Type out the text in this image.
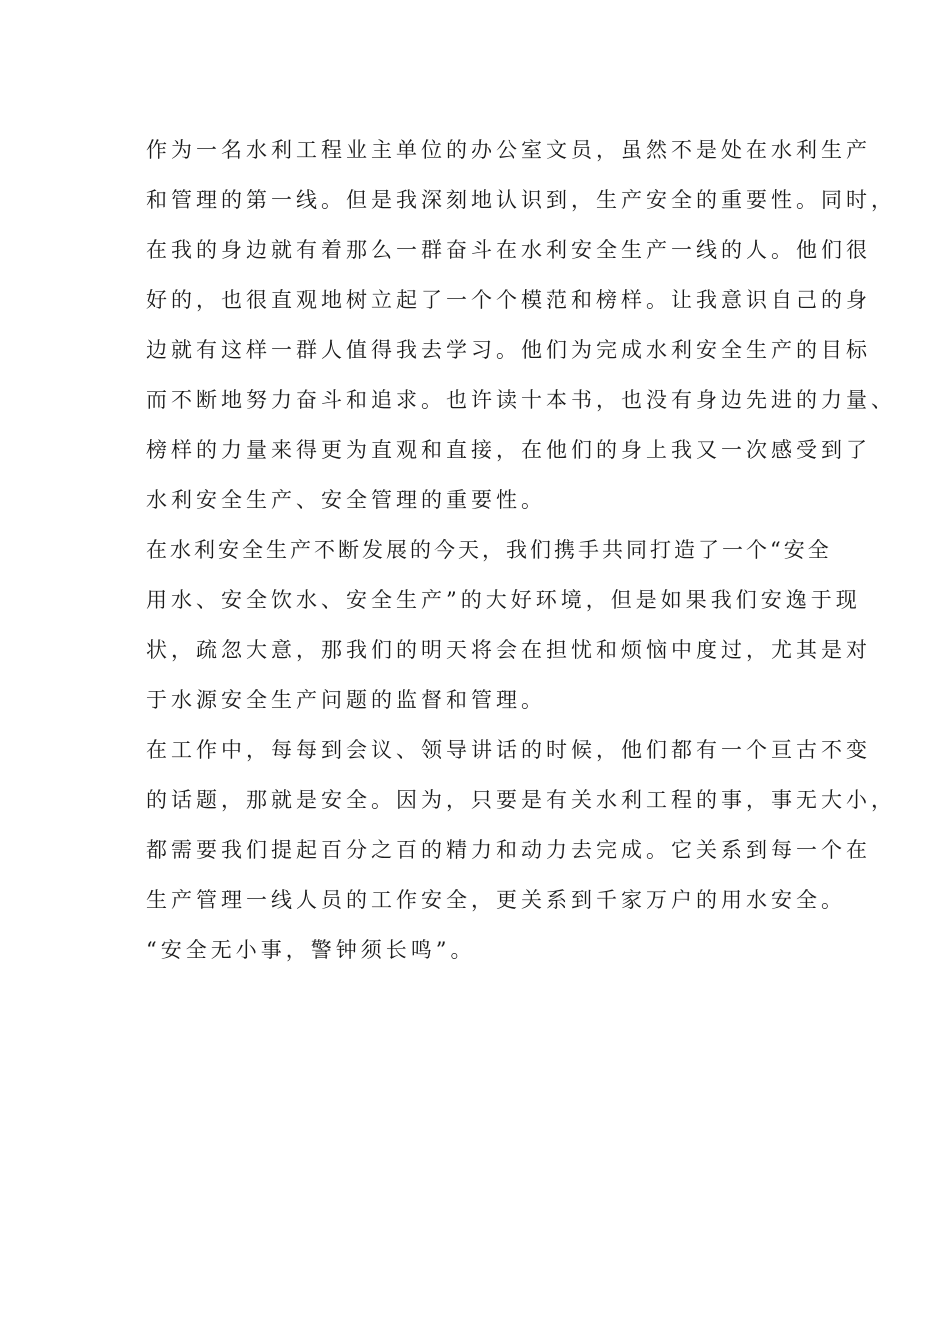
作为一名水利工程业主单位的办公室文员，虽然不是处在水利生产
和管理的第一线。但是我深刻地认识到，生产安全的重要性。同时，
在我的身边就有着那么一群奋斗在水利安全生产一线的人。他们很
好的，也很直观地树立起了一个个模范和榜样。让我意识自己的身
边就有这样一群人值得我去学习。他们为完成水利安全生产的目标
而不断地努力奋斗和追求。也许读十本书，也没有身边先进的力量、
榜样的力量来得更为直观和直接，在他们的身上我又一次感受到了
水利安全生产、安全管理的重要性。
在水利安全生产不断发展的今天，我们携手共同打造了一个“安全
用水、安全饮水、安全生产”的大好环境，但是如果我们安逸于现
状，疏忽大意，那我们的明天将会在担忧和烦恼中度过，尤其是对
于水源安全生产问题的监督和管理。
在工作中，每每到会议、领导讲话的时候，他们都有一个亘古不变
的话题，那就是安全。因为，只要是有关水利工程的事，事无大小，
都需要我们提起百分之百的精力和动力去完成。它关系到每一个在
生产管理一线人员的工作安全，更关系到千家万户的用水安全。
“安全无小事，警钟须长鸣”。
